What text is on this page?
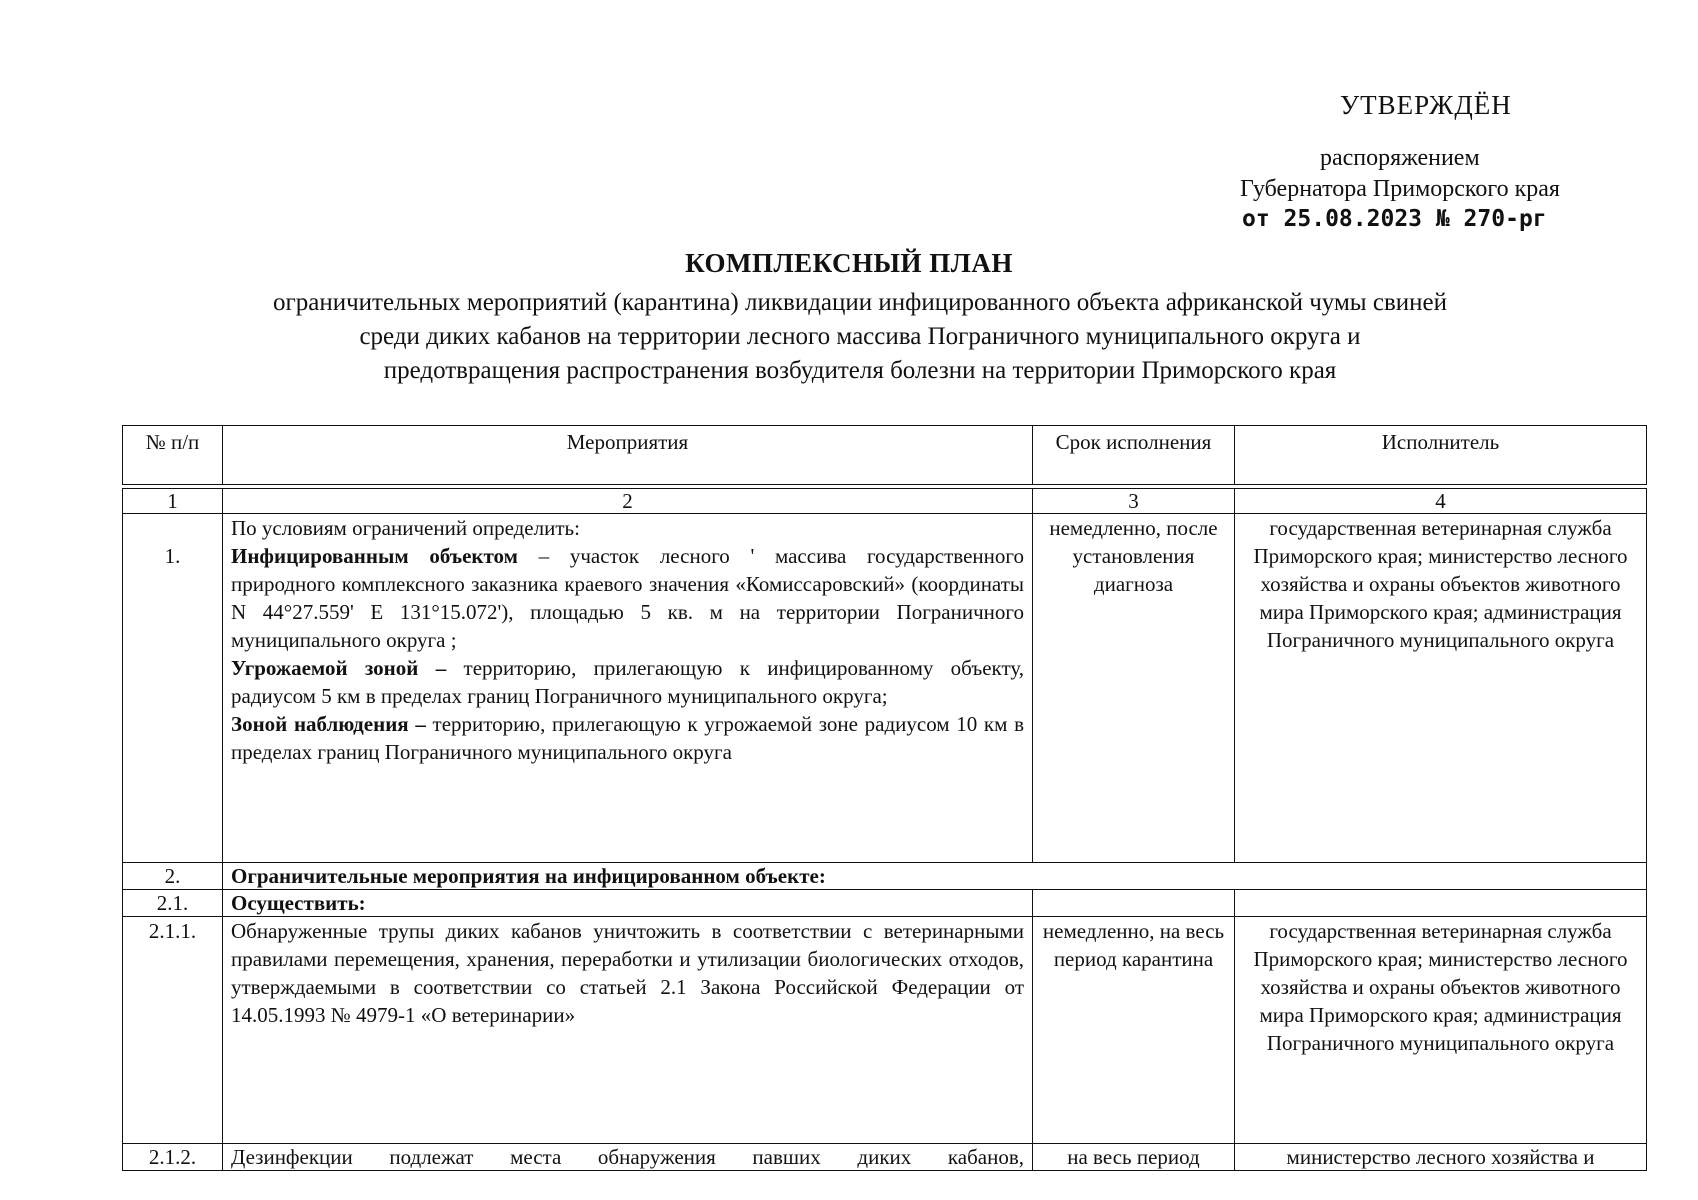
УТВЕРЖДЁН
распоряжением
Губернатора Приморского края
от 25.08.2023 № 270-рг
КОМПЛЕКСНЫЙ ПЛАН
ограничительных мероприятий (карантина) ликвидации инфицированного объекта африканской чумы свиней
среди диких кабанов на территории лесного массива Пограничного муниципального округа и
предотвращения распространения возбудителя болезни на территории Приморского края
№ п/п	Мероприятия	Срок исполнения	Исполнитель

1	2	3	4
1.	По условиям ограничений определить:
Инфицированным объектом – участок лесного ' массива государственного природного комплексного заказника краевого значения «Комиссаровский» (координаты N 44°27.559' E 131°15.072'), площадью 5 кв. м на территории Пограничного муниципального округа ;
Угрожаемой зоной – территорию, прилегающую к инфицированному объекту, радиусом 5 км в пределах границ Пограничного муниципального округа;
Зоной наблюдения – территорию, прилегающую к угрожаемой зоне радиусом 10 км в пределах границ Пограничного муниципального округа	немедленно, после установления диагноза	государственная ветеринарная служба Приморского края; министерство лесного хозяйства и охраны объектов животного мира Приморского края; администрация Пограничного муниципального округа
2.	Ограничительные мероприятия на инфицированном объекте:		
2.1.	Осуществить:		
2.1.1.	Обнаруженные трупы диких кабанов уничтожить в соответствии с ветеринарными правилами перемещения, хранения, переработки и утилизации биологических отходов, утверждаемыми в соответствии со статьей 2.1 Закона Российской Федерации от 14.05.1993 № 4979-1 «О ветеринарии»	немедленно, на весь период карантина	государственная ветеринарная служба Приморского края; министерство лесного хозяйства и охраны объектов животного мира Приморского края; администрация Пограничного муниципального округа
2.1.2.	Дезинфекции подлежат места обнаружения павших диких кабанов,	на весь период	министерство лесного хозяйства и
